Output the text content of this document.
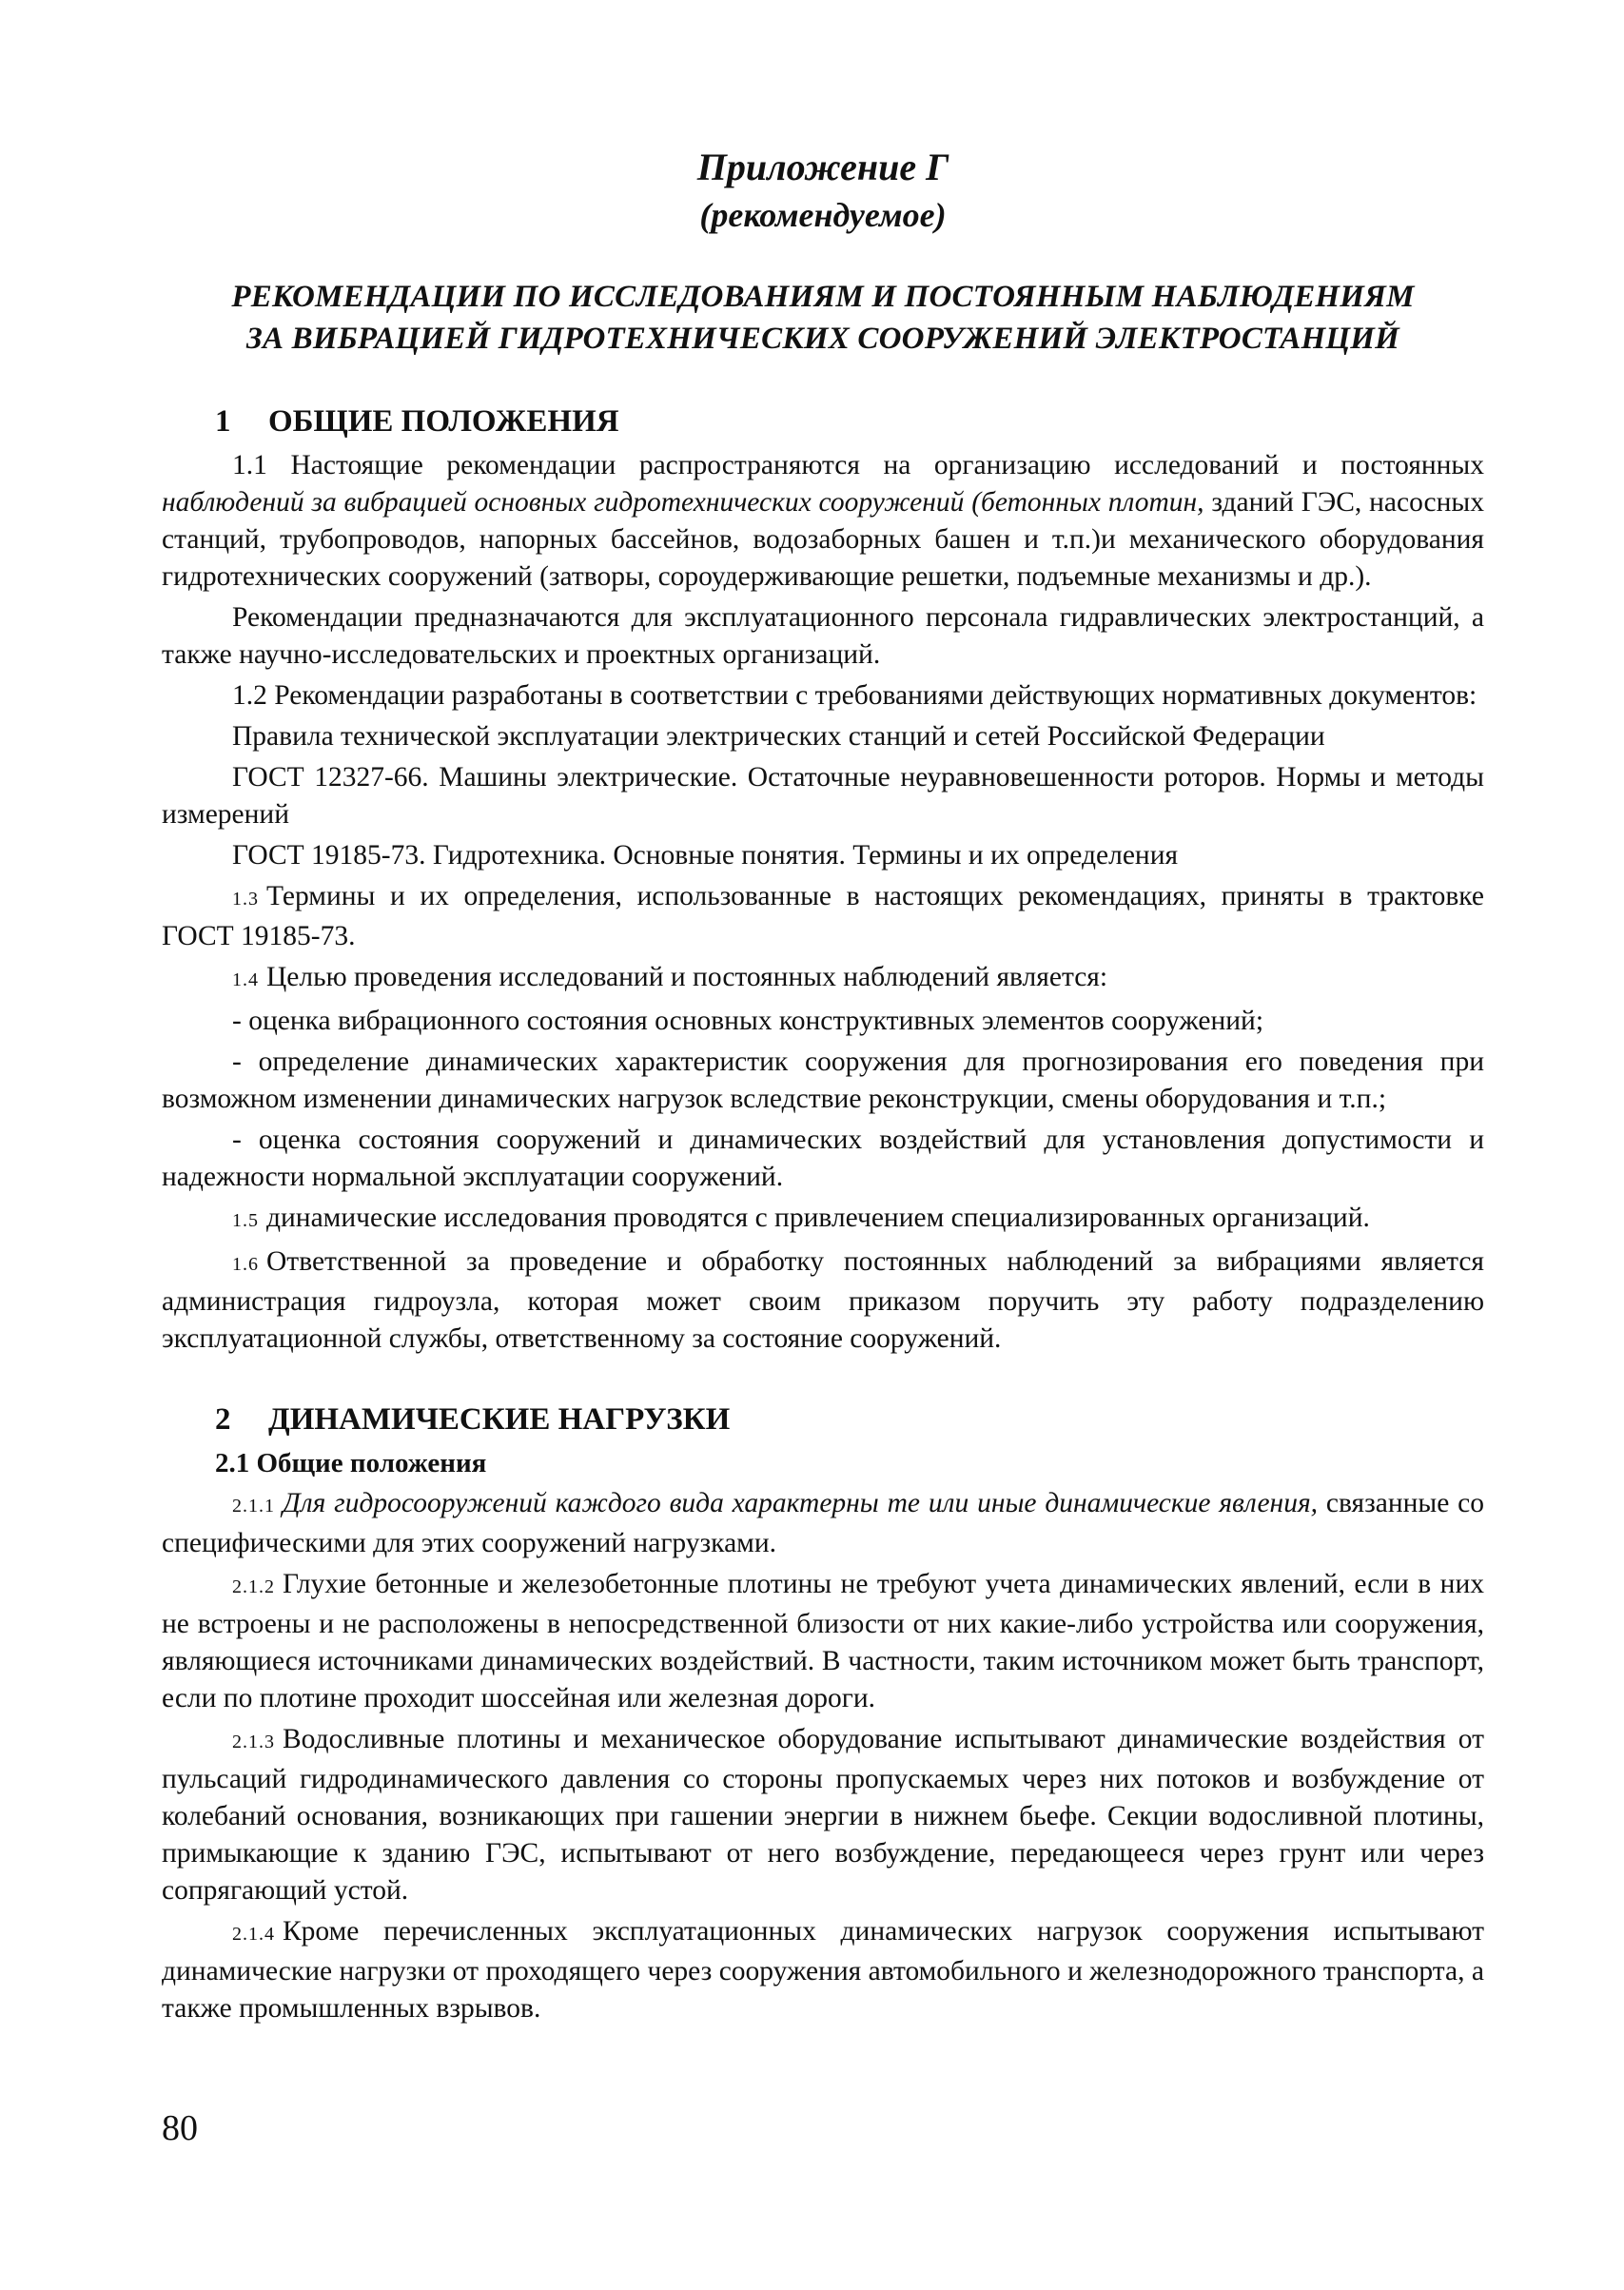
Приложение Г

(рекомендуемое)

РЕКОМЕНДАЦИИ ПО ИССЛЕДОВАНИЯМ И ПОСТОЯННЫМ НАБЛЮДЕНИЯМ
ЗА ВИБРАЦИЕЙ ГИДРОТЕХНИЧЕСКИХ СООРУЖЕНИЙ ЭЛЕКТРОСТАНЦИЙ
1 ОБЩИЕ ПОЛОЖЕНИЯ

1.1 Настоящие рекомендации распространяются на организацию исследований и постоянных наблюдений за вибрацией основных гидротехнических сооружений (бетонных плотин, зданий ГЭС, насосных станций, трубопроводов, напорных бассейнов, водозаборных башен и т.п.)и механического оборудования гидротехнических сооружений (затворы, сороудерживающие решетки, подъемные механизмы и др.).

Рекомендации предназначаются для эксплуатационного персонала гидравлических электростанций, а также научно-исследовательских и проектных организаций.

1.2 Рекомендации разработаны в соответствии с требованиями действующих нормативных документов:

Правила технической эксплуатации электрических станций и сетей Российской Федерации

ГОСТ 12327-66. Машины электрические. Остаточные неуравновешенности роторов. Нормы и методы измерений

ГОСТ 19185-73. Гидротехника. Основные понятия. Термины и их определения

1.3 Термины и их определения, использованные в настоящих рекомендациях, приняты в трактовке ГОСТ 19185-73.

1.4 Целью проведения исследований и постоянных наблюдений является:

- оценка вибрационного состояния основных конструктивных элементов сооружений;

- определение динамических характеристик сооружения для прогнозирования его поведения при возможном изменении динамических нагрузок вследствие реконструкции, смены оборудования и т.п.;

- оценка состояния сооружений и динамических воздействий для установления допустимости и надежности нормальной эксплуатации сооружений.

1.5 динамические исследования проводятся с привлечением специализированных организаций.

1.6 Ответственной за проведение и обработку постоянных наблюдений за вибрациями является администрация гидроузла, которая может своим приказом поручить эту работу подразделению эксплуатационной службы, ответственному за состояние сооружений.

2 ДИНАМИЧЕСКИЕ НАГРУЗКИ
2.1 Общие положения

2.1.1 Для гидросооружений каждого вида характерны те или иные динамические явления, связанные со специфическими для этих сооружений нагрузками.

2.1.2 Глухие бетонные и железобетонные плотины не требуют учета динамических явлений, если в них не встроены и не расположены в непосредственной близости от них какие-либо устройства или сооружения, являющиеся источниками динамических воздействий. В частности, таким источником может быть транспорт, если по плотине проходит шоссейная или железная дороги.

2.1.3 Водосливные плотины и механическое оборудование испытывают динамические воздействия от пульсаций гидродинамического давления со стороны пропускаемых через них потоков и возбуждение от колебаний основания, возникающих при гашении энергии в нижнем бьефе. Секции водосливной плотины, примыкающие к зданию ГЭС, испытывают от него возбуждение, передающееся через грунт или через сопрягающий устой.

2.1.4 Кроме перечисленных эксплуатационных динамических нагрузок сооружения испытывают динамические нагрузки от проходящего через сооружения автомобильного и железнодорожного транспорта, а также промышленных взрывов.

80
